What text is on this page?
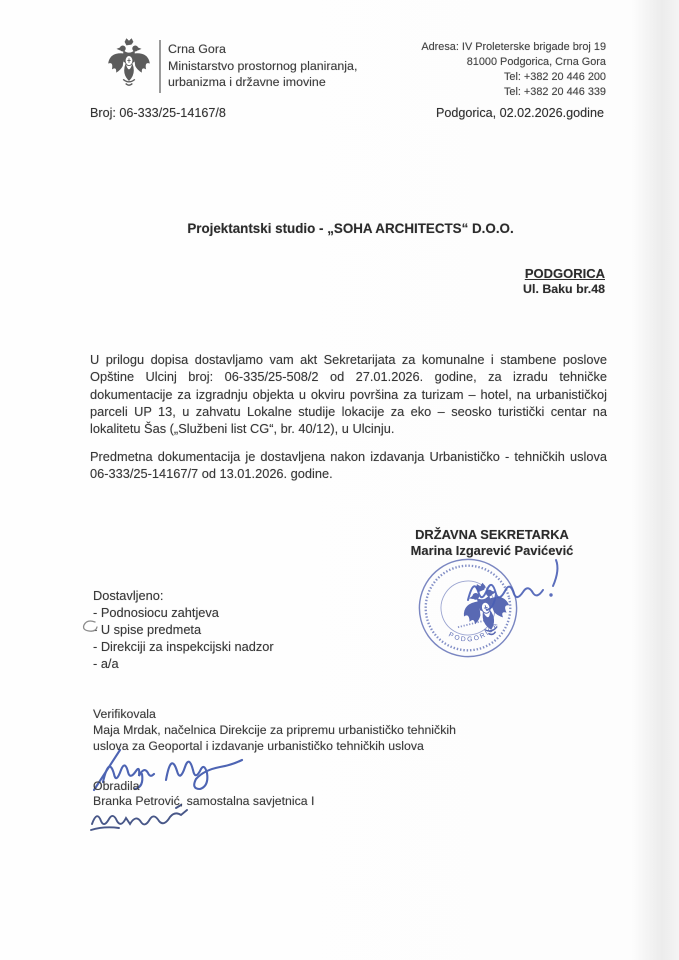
Crna Gora
Ministarstvo prostornog planiranja,
urbanizma i državne imovine
Adresa: IV Proleterske brigade broj 19
81000 Podgorica, Crna Gora
Tel: +382 20 446 200
Tel: +382 20 446 339
Broj: 06-333/25-14167/8	Podgorica, 02.02.2026.godine
Projektantski studio - „SOHA ARCHITECTS“ D.O.O.
PODGORICA
Ul. Baku br.48
U prilogu dopisa dostavljamo vam akt Sekretarijata za komunalne i stambene poslove Opštine Ulcinj broj: 06-335/25-508/2 od 27.01.2026. godine, za izradu tehničke dokumentacije za izgradnju objekta u okviru površina za turizam – hotel, na urbanističkoj parceli UP 13, u zahvatu Lokalne studije lokacije za eko – seosko turistički centar na lokalitetu Šas („Službeni list CG“, br. 40/12), u Ulcinju.
Predmetna dokumentacija je dostavljena nakon izdavanja Urbanističko - tehničkih uslova 06-333/25-14167/7 od 13.01.2026. godine.
DRŽAVNA SEKRETARKA
Marina Izgarević Pavićević
PODGORICA
Dostavljeno:
- Podnosiocu zahtjeva
- U spise predmeta
- Direkciji za inspekcijski nadzor
- a/a
Verifikovala
Maja Mrdak, načelnica Direkcije za pripremu urbanističko tehničkih
uslova za Geoportal i izdavanje urbanističko tehničkih uslova
Obradila
Branka Petrović, samostalna savjetnica I
